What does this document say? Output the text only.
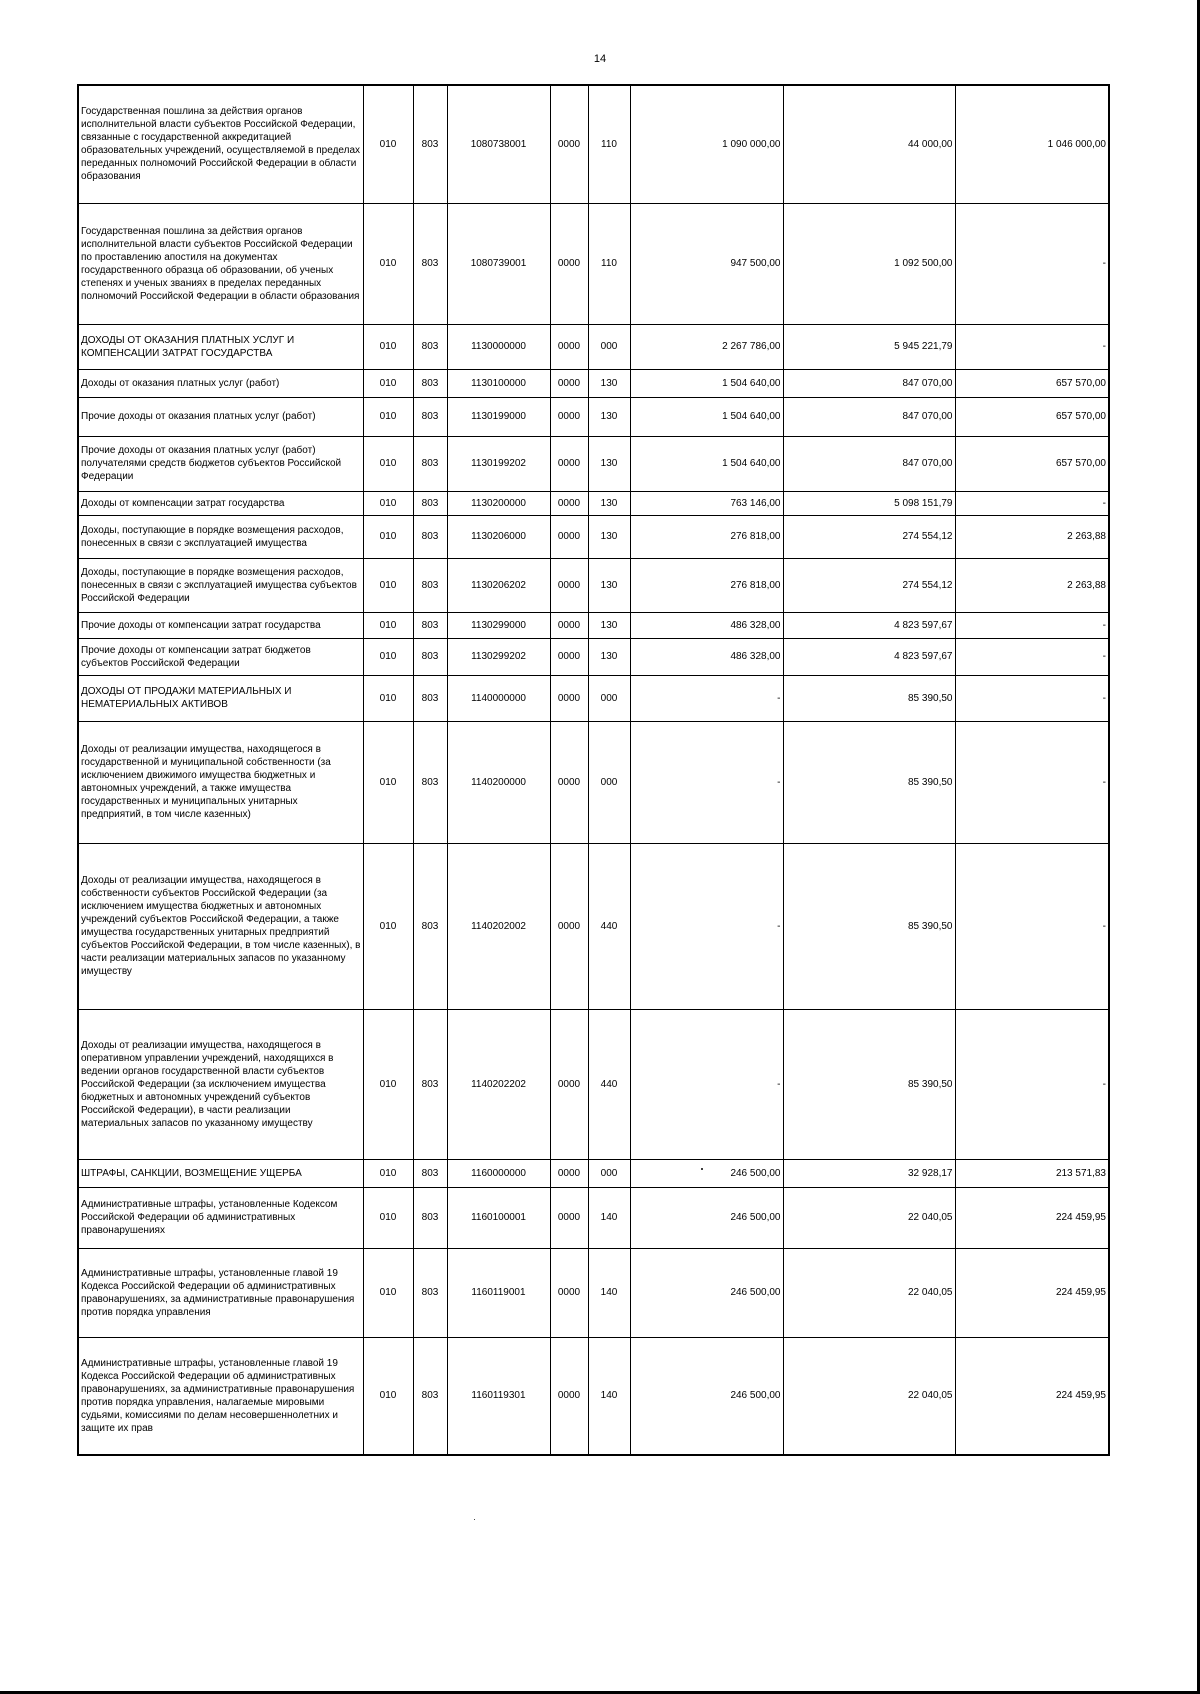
14
Государственная пошлина за действия органов исполнительной власти субъектов Российской Федерации, связанные с государственной аккредитацией образовательных учреждений, осуществляемой в пределах переданных полномочий Российской Федерации в области образования	010	803	1080738001	0000	110	1 090 000,00	44 000,00	1 046 000,00
Государственная пошлина за действия органов исполнительной власти субъектов Российской Федерации по проставлению апостиля на документах государственного образца об образовании, об ученых степенях и ученых званиях в пределах переданных полномочий Российской Федерации в области образования	010	803	1080739001	0000	110	947 500,00	1 092 500,00	-
ДОХОДЫ ОТ ОКАЗАНИЯ ПЛАТНЫХ УСЛУГ И КОМПЕНСАЦИИ ЗАТРАТ ГОСУДАРСТВА	010	803	1130000000	0000	000	2 267 786,00	5 945 221,79	-
Доходы от оказания платных услуг (работ)	010	803	1130100000	0000	130	1 504 640,00	847 070,00	657 570,00
Прочие доходы от оказания платных услуг (работ)	010	803	1130199000	0000	130	1 504 640,00	847 070,00	657 570,00
Прочие доходы от оказания платных услуг (работ) получателями средств бюджетов субъектов Российской Федерации	010	803	1130199202	0000	130	1 504 640,00	847 070,00	657 570,00
Доходы от компенсации затрат государства	010	803	1130200000	0000	130	763 146,00	5 098 151,79	-
Доходы, поступающие в порядке возмещения расходов, понесенных в связи с эксплуатацией имущества	010	803	1130206000	0000	130	276 818,00	274 554,12	2 263,88
Доходы, поступающие в порядке возмещения расходов, понесенных в связи с эксплуатацией имущества субъектов Российской Федерации	010	803	1130206202	0000	130	276 818,00	274 554,12	2 263,88
Прочие доходы от компенсации затрат государства	010	803	1130299000	0000	130	486 328,00	4 823 597,67	-
Прочие доходы от компенсации затрат бюджетов субъектов Российской Федерации	010	803	1130299202	0000	130	486 328,00	4 823 597,67	-
ДОХОДЫ ОТ ПРОДАЖИ МАТЕРИАЛЬНЫХ И НЕМАТЕРИАЛЬНЫХ АКТИВОВ	010	803	1140000000	0000	000	-	85 390,50	-
Доходы от реализации имущества, находящегося в государственной и муниципальной собственности (за исключением движимого имущества бюджетных и автономных учреждений, а также имущества государственных и муниципальных унитарных предприятий, в том числе казенных)	010	803	1140200000	0000	000	-	85 390,50	-
Доходы от реализации имущества, находящегося в собственности субъектов Российской Федерации (за исключением имущества бюджетных и автономных учреждений субъектов Российской Федерации, а также имущества государственных унитарных предприятий субъектов Российской Федерации, в том числе казенных), в части реализации материальных запасов по указанному имуществу	010	803	1140202002	0000	440	-	85 390,50	-
Доходы от реализации имущества, находящегося в оперативном управлении учреждений, находящихся в ведении органов государственной власти субъектов Российской Федерации (за исключением имущества бюджетных и автономных учреждений субъектов Российской Федерации), в части реализации материальных запасов по указанному имуществу	010	803	1140202202	0000	440	-	85 390,50	-
ШТРАФЫ, САНКЦИИ, ВОЗМЕЩЕНИЕ УЩЕРБА	010	803	1160000000	0000	000	246 500,00	32 928,17	213 571,83
Административные штрафы, установленные Кодексом Российской Федерации об административных правонарушениях	010	803	1160100001	0000	140	246 500,00	22 040,05	224 459,95
Административные штрафы, установленные главой 19 Кодекса Российской Федерации об административных правонарушениях, за административные правонарушения против порядка управления	010	803	1160119001	0000	140	246 500,00	22 040,05	224 459,95
Административные штрафы, установленные главой 19 Кодекса Российской Федерации об административных правонарушениях, за административные правонарушения против порядка управления, налагаемые мировыми судьями, комиссиями по делам несовершеннолетних и защите их прав	010	803	1160119301	0000	140	246 500,00	22 040,05	224 459,95
